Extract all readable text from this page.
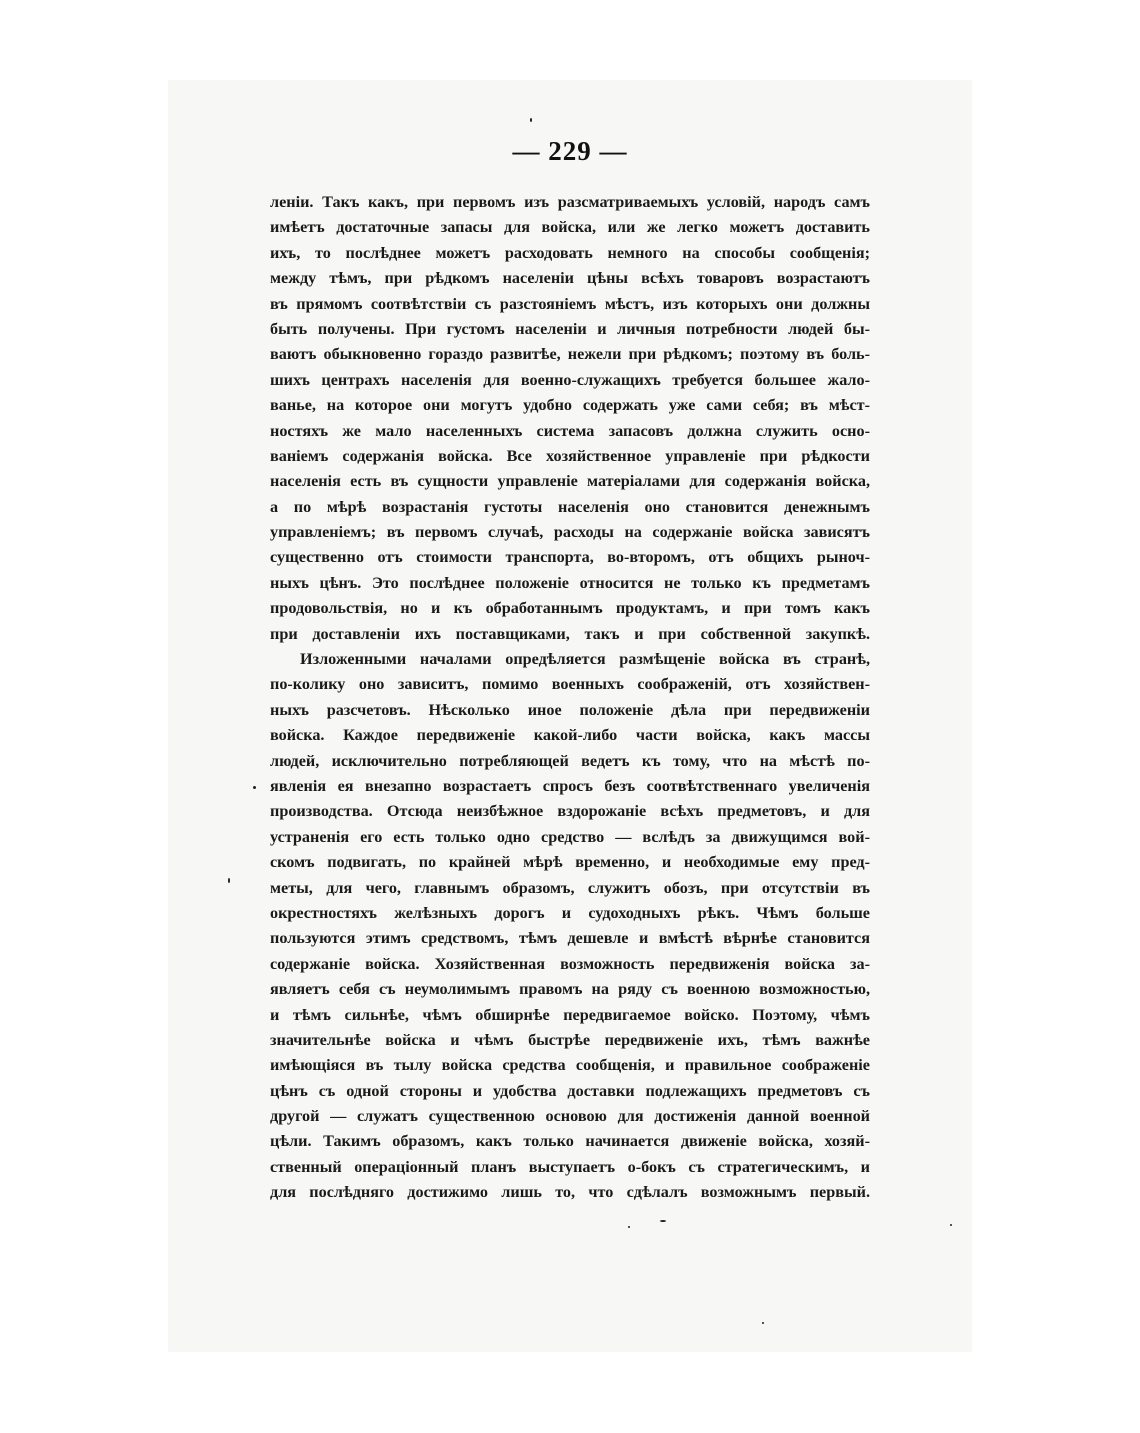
— 229 —
леніи. Такъ какъ, при первомъ изъ разсматриваемыхъ условій, народъ самъ
имѣетъ достаточные запасы для войска, или же легко можетъ доставить
ихъ, то послѣднее можетъ расходовать немного на способы сообщенія;
между тѣмъ, при рѣдкомъ населеніи цѣны всѣхъ товаровъ возрастаютъ
въ прямомъ соотвѣтствіи съ разстояніемъ мѣстъ, изъ которыхъ они должны
быть получены. При густомъ населеніи и личныя потребности людей бы-
ваютъ обыкновенно гораздо развитѣе, нежели при рѣдкомъ; поэтому въ боль-
шихъ центрахъ населенія для военно-служащихъ требуется большее жало-
ванье, на которое они могутъ удобно содержать уже сами себя; въ мѣст-
ностяхъ же мало населенныхъ система запасовъ должна служить осно-
ваніемъ содержанія войска. Все хозяйственное управленіе при рѣдкости
населенія есть въ сущности управленіе матеріалами для содержанія войска,
а по мѣрѣ возрастанія густоты населенія оно становится денежнымъ
управленіемъ; въ первомъ случаѣ, расходы на содержаніе войска зависятъ
существенно отъ стоимости транспорта, во-второмъ, отъ общихъ рыноч-
ныхъ цѣнъ. Это послѣднее положеніе относится не только къ предметамъ
продовольствія, но и къ обработаннымъ продуктамъ, и при томъ какъ
при доставленіи ихъ поставщиками, такъ и при собственной закупкѣ.
Изложенными началами опредѣляется размѣщеніе войска въ странѣ,
по-колику оно зависитъ, помимо военныхъ соображеній, отъ хозяйствен-
ныхъ разсчетовъ. Нѣсколько иное положеніе дѣла при передвиженіи
войска. Каждое передвиженіе какой-либо части войска, какъ массы
людей, исключительно потребляющей ведетъ къ тому, что на мѣстѣ по-
явленія ея внезапно возрастаетъ спросъ безъ соотвѣтственнаго увеличенія
производства. Отсюда неизбѣжное вздорожаніе всѣхъ предметовъ, и для
устраненія его есть только одно средство — вслѣдъ за движущимся вой-
скомъ подвигать, по крайней мѣрѣ временно, и необходимые ему пред-
меты, для чего, главнымъ образомъ, служитъ обозъ, при отсутствіи въ
окрестностяхъ желѣзныхъ дорогъ и судоходныхъ рѣкъ. Чѣмъ больше
пользуются этимъ средствомъ, тѣмъ дешевле и вмѣстѣ вѣрнѣе становится
содержаніе войска. Хозяйственная возможность передвиженія войска за-
являетъ себя съ неумолимымъ правомъ на ряду съ военною возможностью,
и тѣмъ сильнѣе, чѣмъ обширнѣе передвигаемое войско. Поэтому, чѣмъ
значительнѣе войска и чѣмъ быстрѣе передвиженіе ихъ, тѣмъ важнѣе
имѣющіяся въ тылу войска средства сообщенія, и правильное соображеніе
цѣнъ съ одной стороны и удобства доставки подлежащихъ предметовъ съ
другой — служатъ существенною основою для достиженія данной военной
цѣли. Такимъ образомъ, какъ только начинается движеніе войска, хозяй-
ственный операціонный планъ выступаетъ о-бокъ съ стратегическимъ, и
для послѣдняго достижимо лишь то, что сдѣлалъ возможнымъ первый.
